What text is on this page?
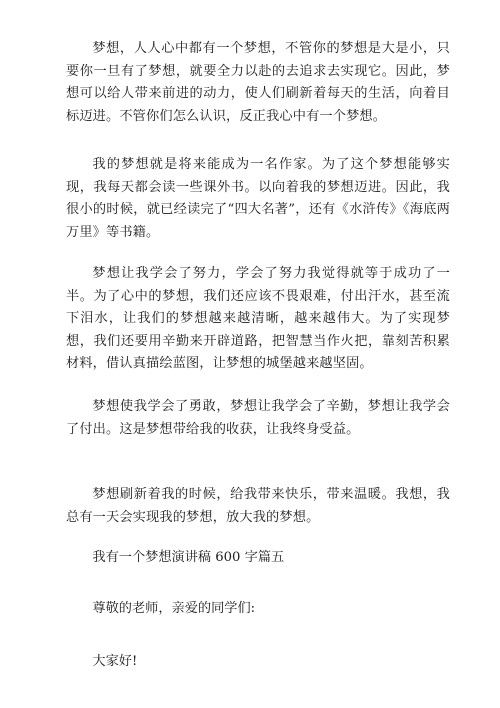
梦想，人人心中都有一个梦想，不管你的梦想是大是小，只要你一旦有了梦想，就要全力以赴的去追求去实现它。因此，梦想可以给人带来前进的动力，使人们刷新着每天的生活，向着目标迈进。不管你们怎么认识，反正我心中有一个梦想。

我的梦想就是将来能成为一名作家。为了这个梦想能够实现，我每天都会读一些课外书。以向着我的梦想迈进。因此，我很小的时候，就已经读完了“四大名著”，还有《水浒传》《海底两万里》等书籍。

梦想让我学会了努力，学会了努力我觉得就等于成功了一半。为了心中的梦想，我们还应该不畏艰难，付出汗水，甚至流下泪水，让我们的梦想越来越清晰，越来越伟大。为了实现梦想，我们还要用辛勤来开辟道路，把智慧当作火把，靠刻苦积累材料，借认真描绘蓝图，让梦想的城堡越来越坚固。

梦想使我学会了勇敢，梦想让我学会了辛勤，梦想让我学会了付出。这是梦想带给我的收获，让我终身受益。

梦想刷新着我的时候，给我带来快乐，带来温暖。我想，我总有一天会实现我的梦想，放大我的梦想。

我有一个梦想演讲稿 600 字篇五

尊敬的老师，亲爱的同学们:

大家好!
